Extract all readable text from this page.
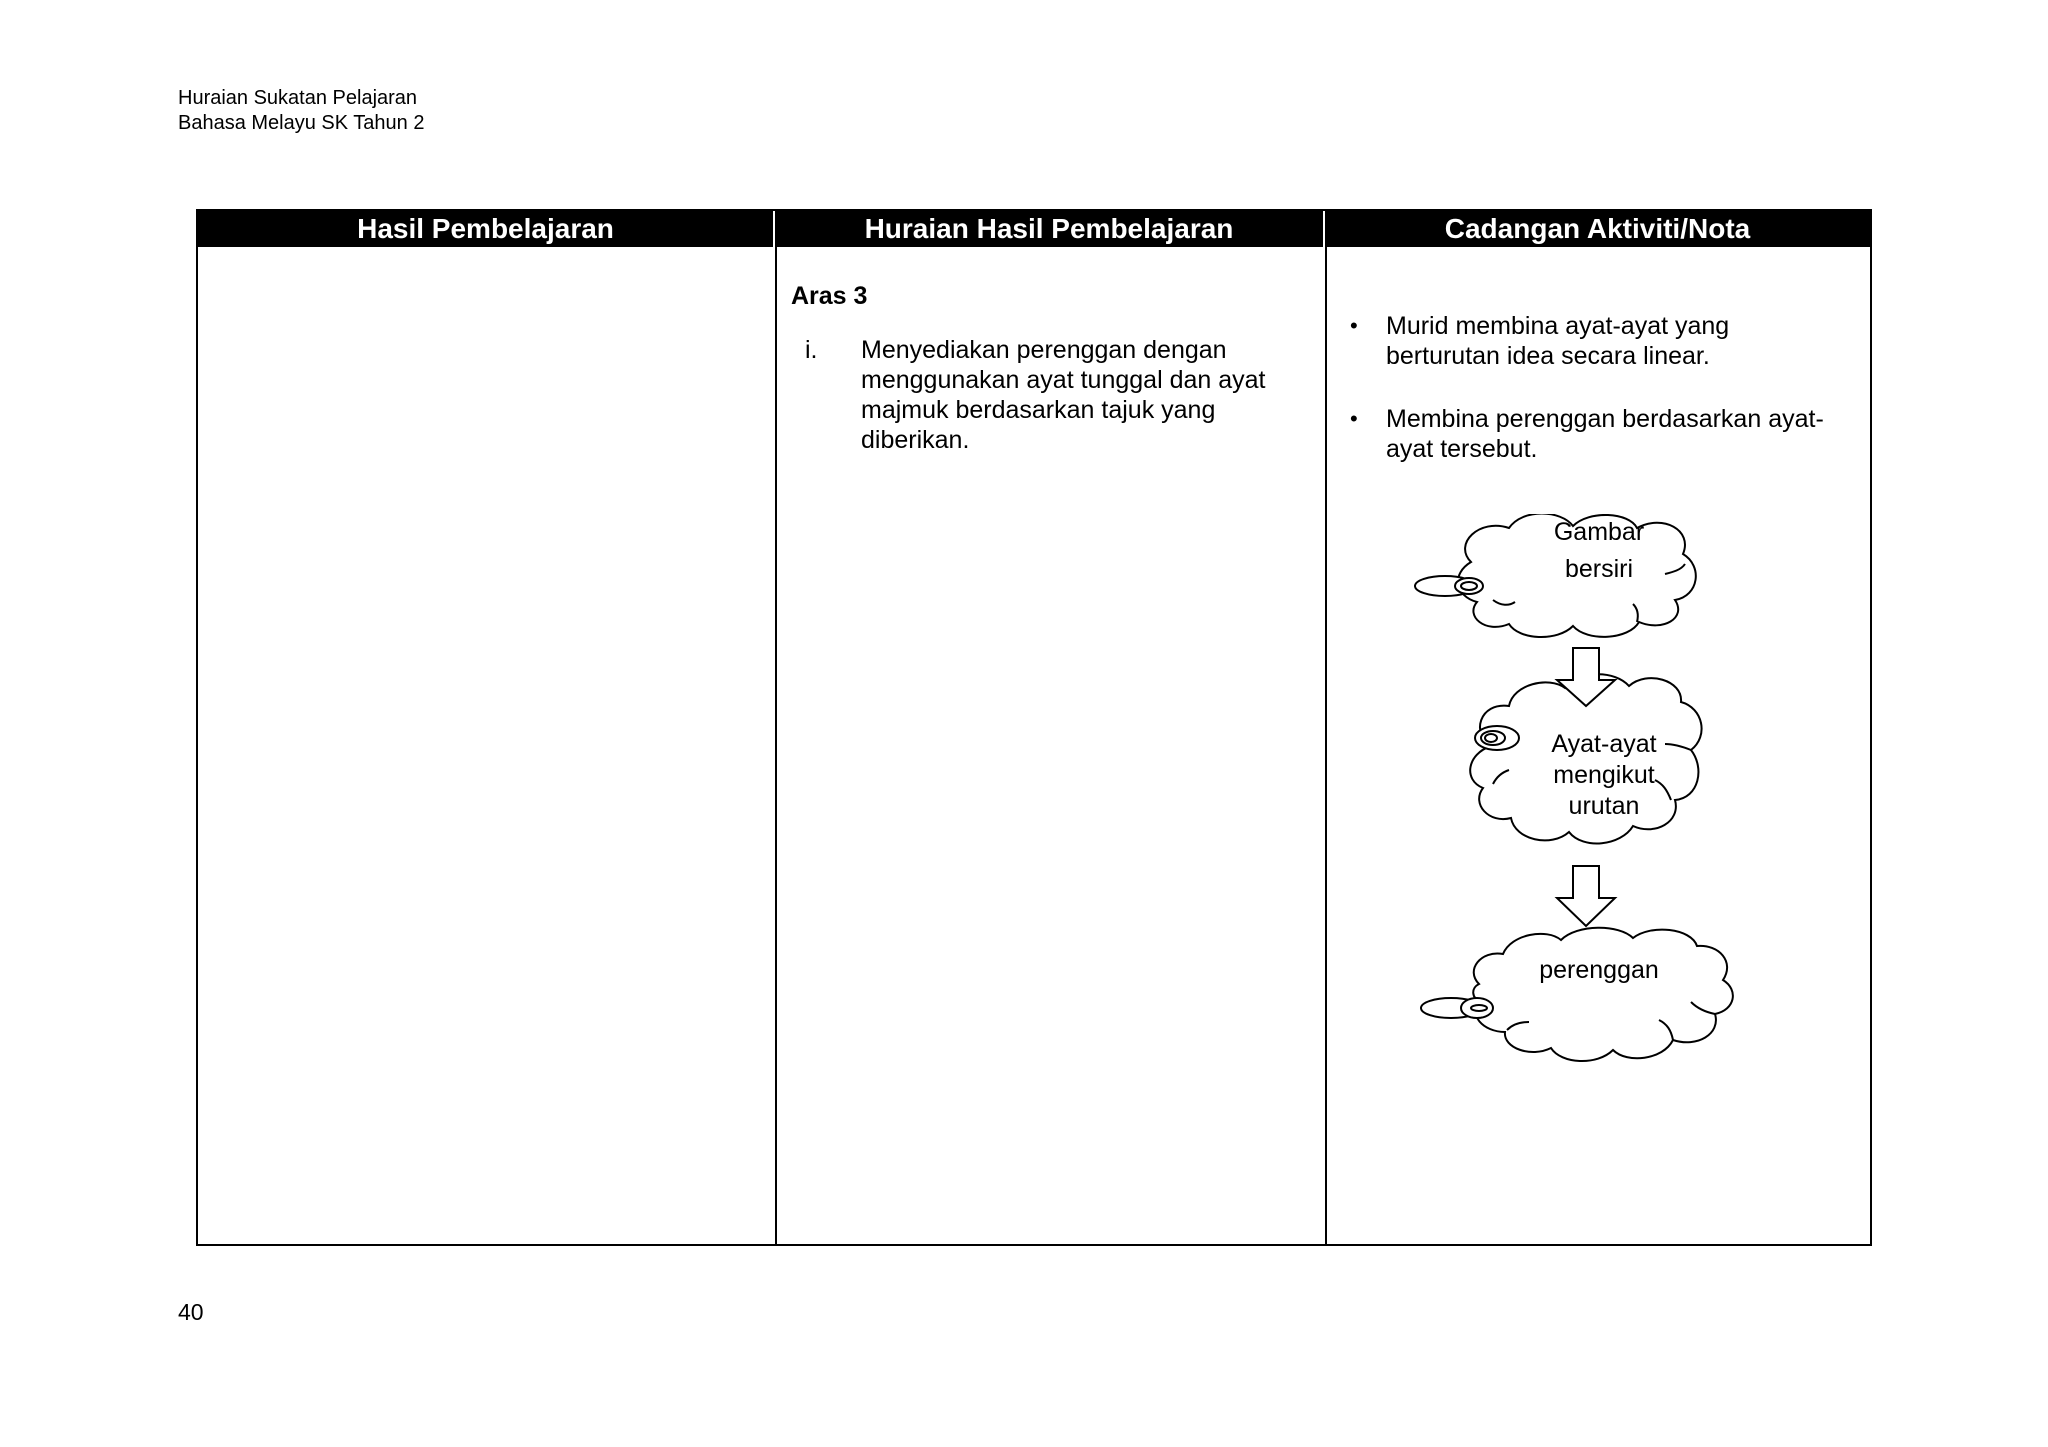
Huraian Sukatan Pelajaran
Bahasa Melayu SK Tahun 2
Hasil Pembelajaran	Huraian Hasil Pembelajaran	Cadangan Aktiviti/Nota
Aras 3
i. Menyediakan perenggan dengan menggunakan ayat tunggal dan ayat majmuk berdasarkan tajuk yang diberikan.
• Murid membina ayat-ayat yang berturutan idea secara linear.
• Membina perenggan berdasarkan ayat-ayat tersebut.
Gambar
bersiri
Ayat-ayat
mengikut
urutan
perenggan
40
